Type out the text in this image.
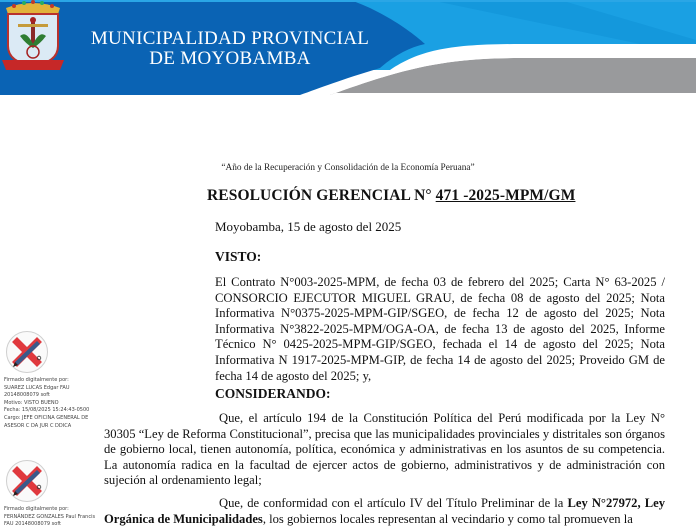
MUNICIPALIDAD PROVINCIAL
DE MOYOBAMBA
“Año de la Recuperación y Consolidación de la Economía Peruana”
RESOLUCIÓN GERENCIAL N° 471 -2025-MPM/GM
Moyobamba, 15 de agosto del 2025
VISTO:
El Contrato N°003-2025-MPM, de fecha 03 de febrero del 2025; Carta N° 63-2025 / CONSORCIO EJECUTOR MIGUEL GRAU, de fecha 08 de agosto del 2025; Nota Informativa N°0375-2025-MPM-GIP/SGEO, de fecha 12 de agosto del 2025; Nota Informativa N°3822-2025-MPM/OGA-OA, de fecha 13 de agosto del 2025, Informe Técnico N° 0425-2025-MPM-GIP/SGEO, fechada el 14 de agosto del 2025; Nota Informativa N 1917-2025-MPM-GIP, de fecha 14 de agosto del 2025; Proveido GM de fecha 14 de agosto del 2025; y,
CONSIDERANDO:
Que, el artículo 194 de la Constitución Política del Perú modificada por la Ley N° 30305 “Ley de Reforma Constitucional”, precisa que las municipalidades provinciales y distritales son órganos de gobierno local, tienen autonomía, política, económica y administrativas en los asuntos de su competencia. La autonomía radica en la facultad de ejercer actos de gobierno, administrativos y de administración con sujeción al ordenamiento legal;
Que, de conformidad con el artículo IV del Título Preliminar de la Ley N°27972, Ley Orgánica de Municipalidades, los gobiernos locales representan al vecindario y como tal promueven la
Firmado digitalmente por:
SUAREZ LUCAS Edgar FAU
20148008079 soft
Motivo: VISTO BUENO
Fecha: 15/08/2025 15:24:43-0500
Cargo: JEFE OFICINA GENERAL DE
ASESOR C DA JUR C DDICA
Firmado digitalmente por:
FERNÁNDEZ GONZALES Paul Francis
FAU 20148008079 soft
